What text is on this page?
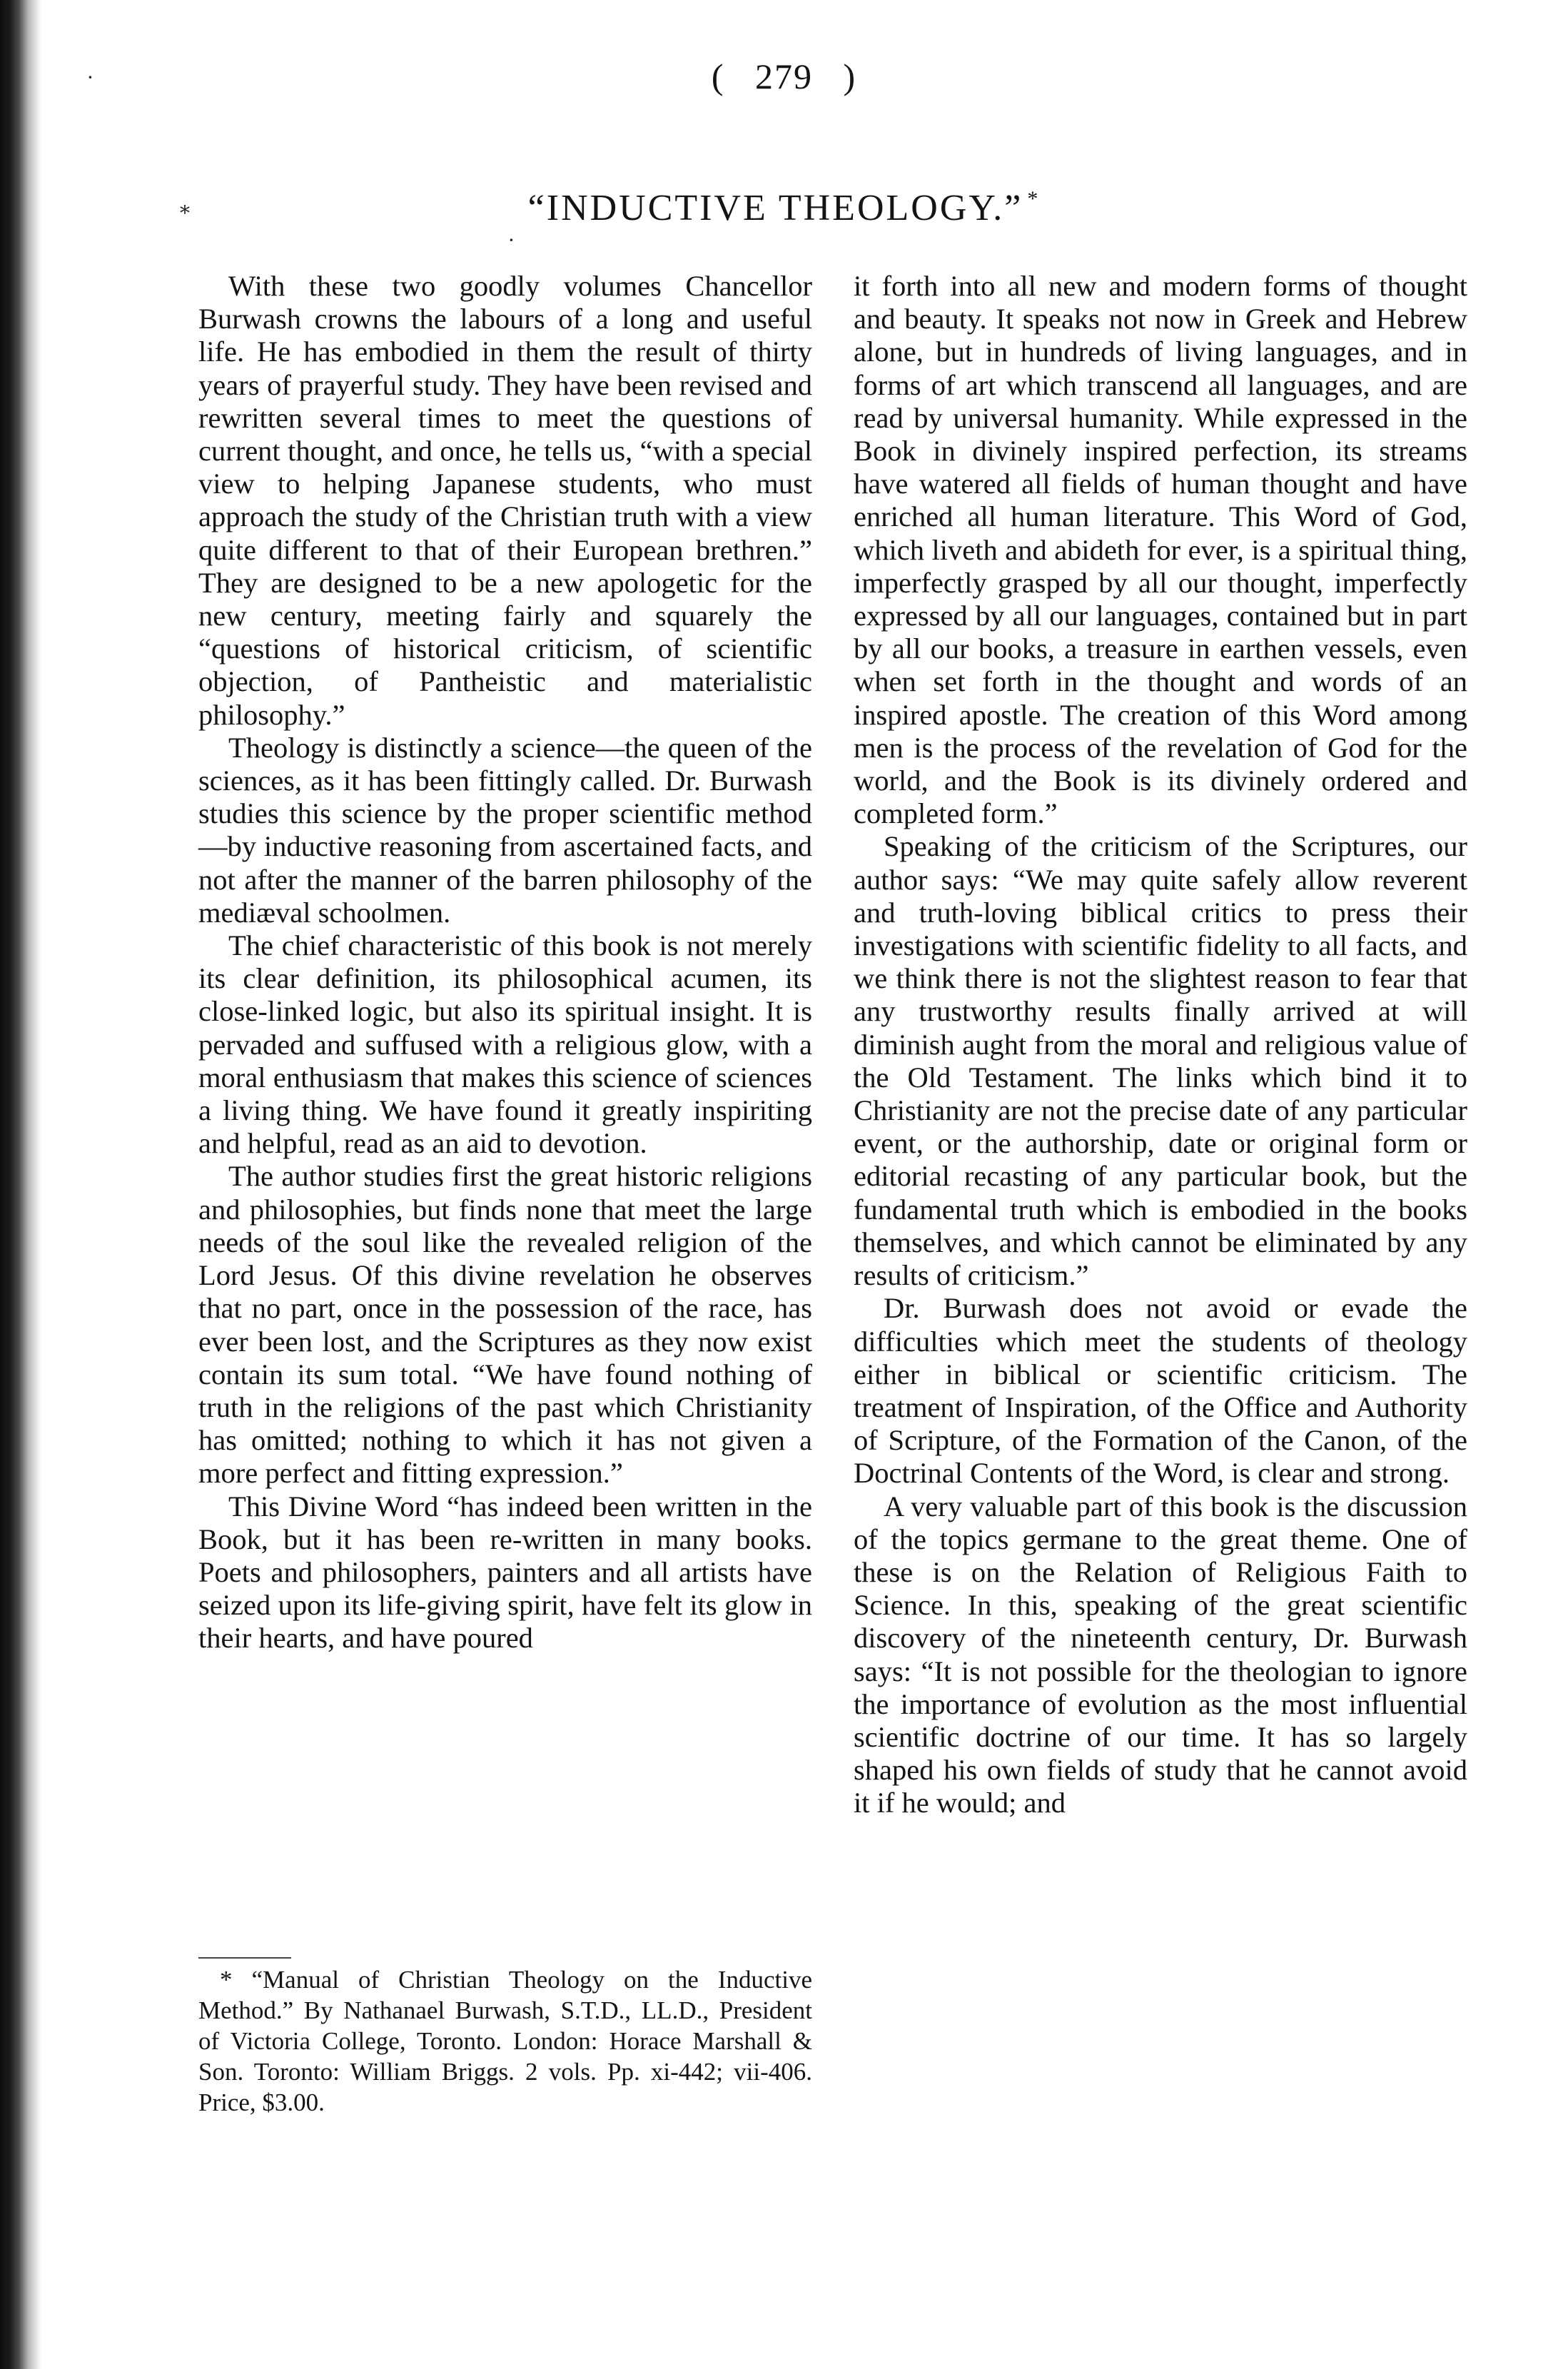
( 279 )
·
*
·
“INDUCTIVE THEOLOGY.” *

With these two goodly volumes Chancellor Burwash crowns the labours of a long and useful life. He has embodied in them the result of thirty years of prayerful study. They have been revised and rewritten several times to meet the questions of current thought, and once, he tells us, “with a special view to helping Japanese students, who must approach the study of the Christian truth with a view quite different to that of their European brethren.” They are designed to be a new apologetic for the new century, meeting fairly and squarely the “questions of historical criticism, of scientific objection, of Pantheistic and materialistic philosophy.”

Theology is distinctly a science—the queen of the sciences, as it has been fittingly called. Dr. Burwash studies this science by the proper scientific method—by inductive reasoning from ascertained facts, and not after the manner of the barren philosophy of the mediæval schoolmen.

The chief characteristic of this book is not merely its clear definition, its philosophical acumen, its close-linked logic, but also its spiritual insight. It is pervaded and suffused with a religious glow, with a moral enthusiasm that makes this science of sciences a living thing. We have found it greatly inspiriting and helpful, read as an aid to devotion.

The author studies first the great historic religions and philosophies, but finds none that meet the large needs of the soul like the revealed religion of the Lord Jesus. Of this divine revelation he observes that no part, once in the possession of the race, has ever been lost, and the Scriptures as they now exist contain its sum total. “We have found nothing of truth in the religions of the past which Christianity has omitted; nothing to which it has not given a more perfect and fitting expression.”

This Divine Word “has indeed been written in the Book, but it has been re-written in many books. Poets and philosophers, painters and all artists have seized upon its life-giving spirit, have felt its glow in their hearts, and have poured

it forth into all new and modern forms of thought and beauty. It speaks not now in Greek and Hebrew alone, but in hundreds of living languages, and in forms of art which transcend all languages, and are read by universal humanity. While expressed in the Book in divinely inspired perfection, its streams have watered all fields of human thought and have enriched all human literature. This Word of God, which liveth and abideth for ever, is a spiritual thing, imperfectly grasped by all our thought, imperfectly expressed by all our languages, contained but in part by all our books, a treasure in earthen vessels, even when set forth in the thought and words of an inspired apostle. The creation of this Word among men is the process of the revelation of God for the world, and the Book is its divinely ordered and completed form.”

Speaking of the criticism of the Scriptures, our author says: “We may quite safely allow reverent and truth-loving biblical critics to press their investigations with scientific fidelity to all facts, and we think there is not the slightest reason to fear that any trustworthy results finally arrived at will diminish aught from the moral and religious value of the Old Testament. The links which bind it to Christianity are not the precise date of any particular event, or the authorship, date or original form or editorial recasting of any particular book, but the fundamental truth which is embodied in the books themselves, and which cannot be eliminated by any results of criticism.”

Dr. Burwash does not avoid or evade the difficulties which meet the students of theology either in biblical or scientific criticism. The treatment of Inspiration, of the Office and Authority of Scripture, of the Formation of the Canon, of the Doctrinal Contents of the Word, is clear and strong.

A very valuable part of this book is the discussion of the topics germane to the great theme. One of these is on the Relation of Religious Faith to Science. In this, speaking of the great scientific discovery of the nineteenth century, Dr. Burwash says: “It is not possible for the theologian to ignore the importance of evolution as the most influential scientific doctrine of our time. It has so largely shaped his own fields of study that he cannot avoid it if he would; and

* “Manual of Christian Theology on the Inductive Method.” By Nathanael Burwash, S.T.D., LL.D., President of Victoria College, Toronto. London: Horace Marshall & Son. Toronto: William Briggs. 2 vols. Pp. xi-442; vii-406. Price, $3.00.
